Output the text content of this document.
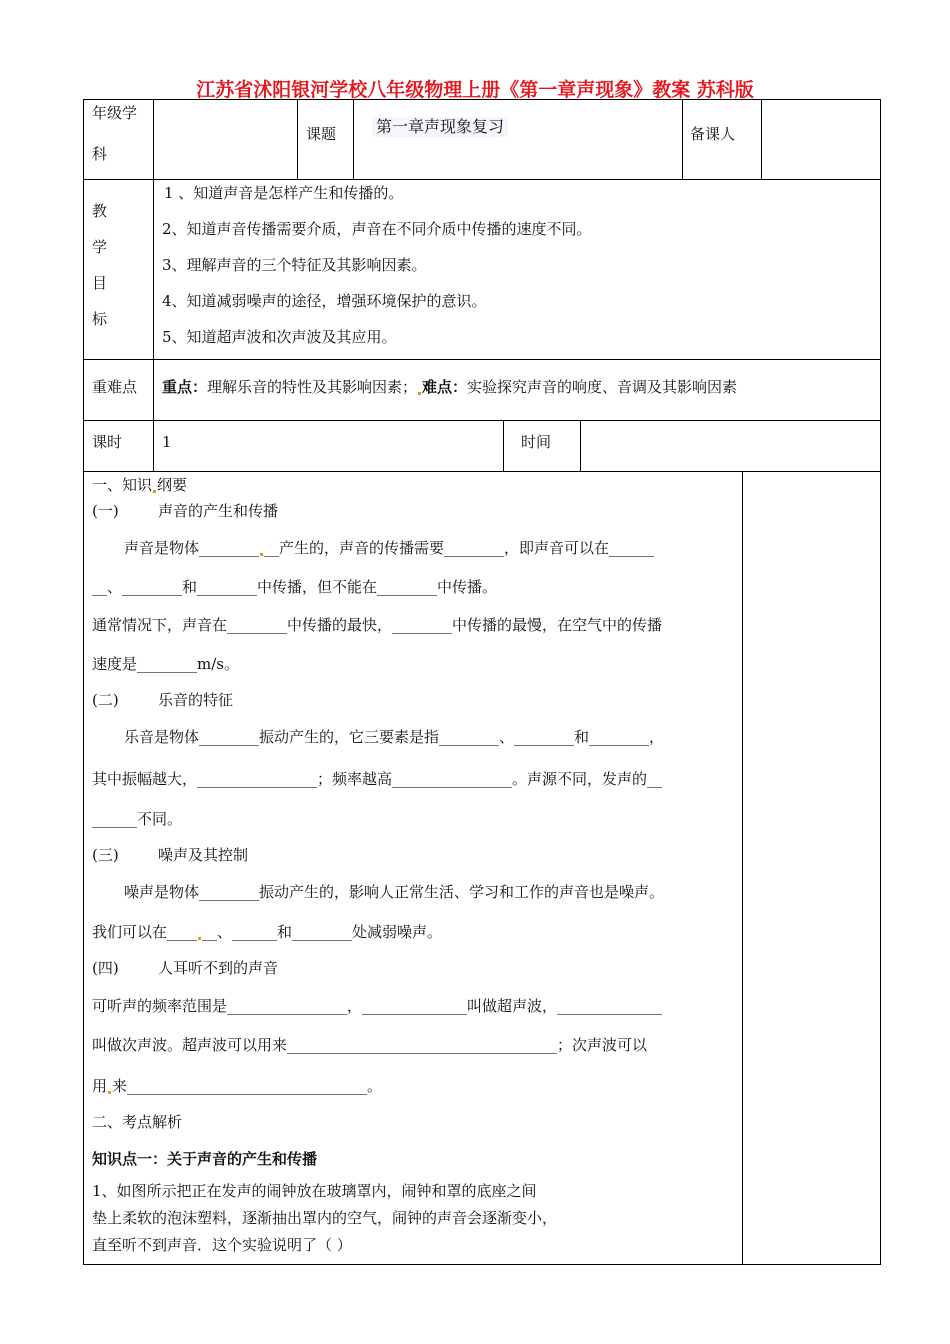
江苏省沭阳银河学校八年级物理上册《第一章声现象》教案 苏科版
年级学
科
课题 第一章声现象复习	备课人
教
学
目
标
1 、知道声音是怎样产生和传播的。
2、知道声音传播需要介质，声音在不同介质中传播的速度不同。
3、理解声音的三个特征及其影响因素。
4、知道减弱噪声的途径，增强环境保护的意识。
5、知道超声波和次声波及其应用。
重难点 重点：理解乐音的特性及其影响因素； 难点：实验探究声音的响度、音调及其影响因素
课时	1	时间
一、知识 纲要
(一)	声音的产生和传播
声音是物体________ __产生的，声音的传播需要________，即声音可以在______
__、________和________中传播，但不能在________中传播。
通常情况下，声音在________中传播的最快，________中传播的最慢，在空气中的传播
速度是________m/s。
(二)	乐音的特征
乐音是物体________振动产生的，它三要素是指________、________和________，
其中振幅越大，________________；频率越高________________。声源不同，发声的__
______不同。
(三)	噪声及其控制
噪声是物体________振动产生的，影响人正常生活、学习和工作的声音也是噪声。
我们可以在____ __、______和________处减弱噪声。
(四)	人耳听不到的声音
可听声的频率范围是________________，______________叫做超声波，______________
叫做次声波。超声波可以用来____________________________________；次声波可以
用 来________________________________。
二、考点解析
知识点一：关于声音的产生和传播
1、如图所示把正在发声的闹钟放在玻璃罩内，闹钟和罩的底座之间
垫上柔软的泡沫塑料，逐渐抽出罩内的空气，闹钟的声音会逐渐变小，
直至听不到声音．这个实验说明了（ ）
